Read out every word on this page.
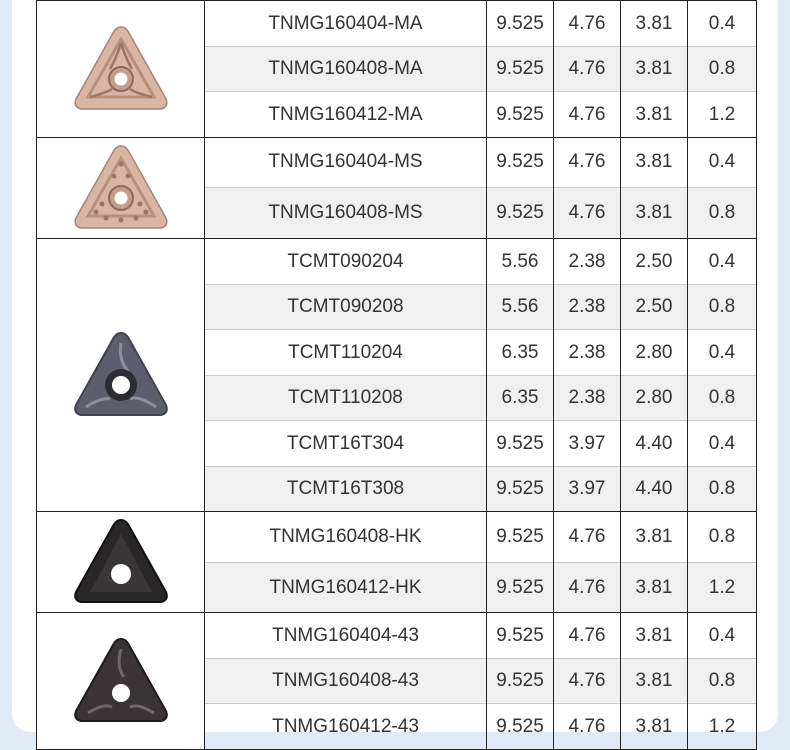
	TNMG160404-MA	9.525	4.76	3.81	0.4
	TNMG160408-MA	9.525	4.76	3.81	0.8
	TNMG160412-MA	9.525	4.76	3.81	1.2

	TNMG160404-MS	9.525	4.76	3.81	0.4
	TNMG160408-MS	9.525	4.76	3.81	0.8

	TCMT090204	5.56	2.38	2.50	0.4
	TCMT090208	5.56	2.38	2.50	0.8
	TCMT110204	6.35	2.38	2.80	0.4
	TCMT110208	6.35	2.38	2.80	0.8
	TCMT16T304	9.525	3.97	4.40	0.4
	TCMT16T308	9.525	3.97	4.40	0.8

	TNMG160408-HK	9.525	4.76	3.81	0.8
	TNMG160412-HK	9.525	4.76	3.81	1.2

	TNMG160404-43	9.525	4.76	3.81	0.4
	TNMG160408-43	9.525	4.76	3.81	0.8
	TNMG160412-43	9.525	4.76	3.81	1.2
